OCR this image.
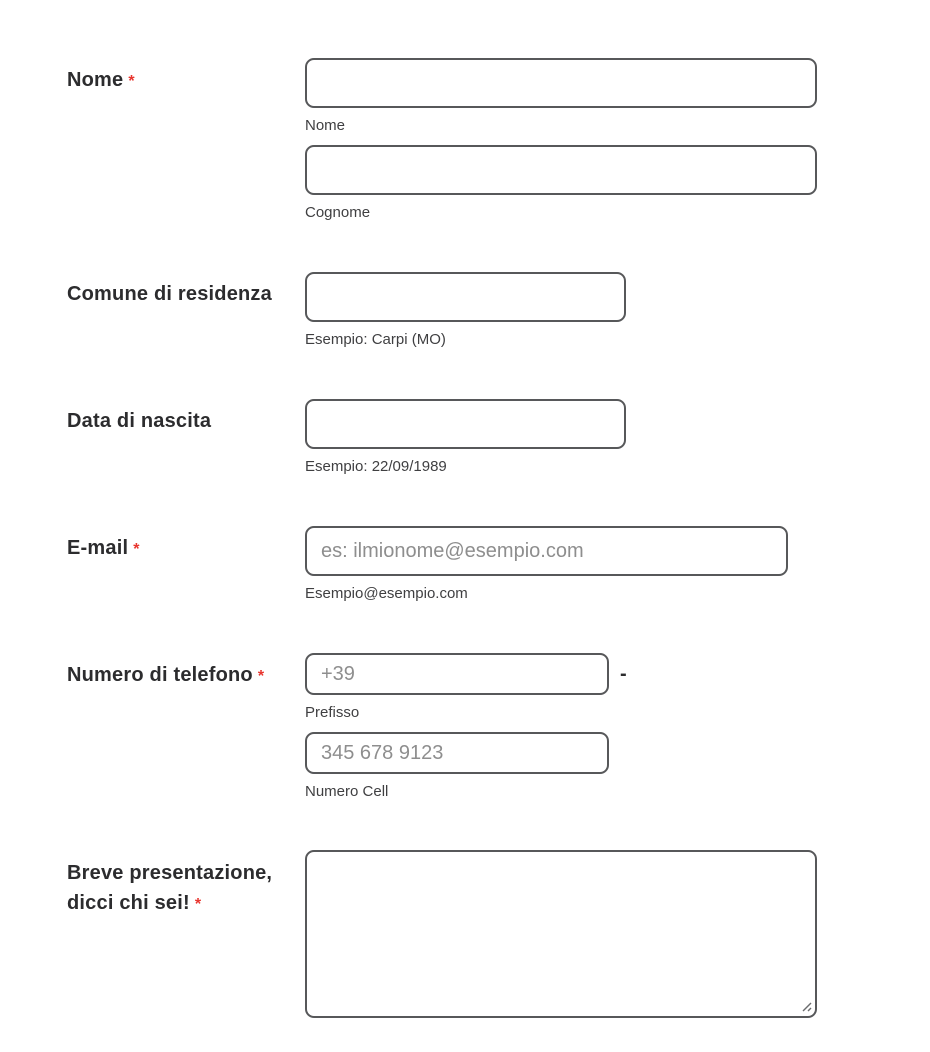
Nome *
Nome
Cognome
Comune di residenza
Esempio: Carpi (MO)
Data di nascita
Esempio: 22/09/1989
E-mail *
es: ilmionome@esempio.com
Esempio@esempio.com
Numero di telefono *
+39	-
Prefisso
345 678 9123
Numero Cell
Breve presentazione, dicci chi sei! *
